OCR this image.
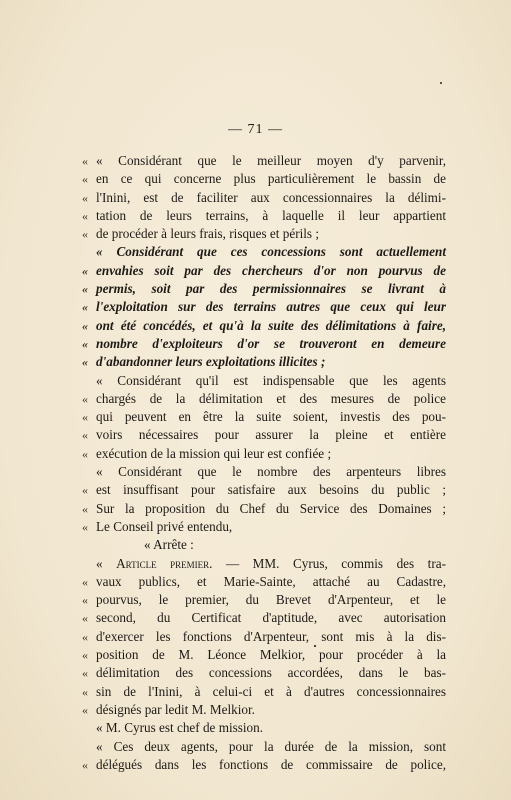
— 71 —
« « Considérant que le meilleur moyen d'y parvenir,
« en ce qui concerne plus particulièrement le bassin de
« l'Inini, est de faciliter aux concessionnaires la délimi-
« tation de leurs terrains, à laquelle il leur appartient
« de procéder à leurs frais, risques et périls ;
« Considérant que ces concessions sont actuellement
« envahies soit par des chercheurs d'or non pourvus de
« permis, soit par des permissionnaires se livrant à
« l'exploitation sur des terrains autres que ceux qui leur
« ont été concédés, et qu'à la suite des délimitations à faire,
« nombre d'exploiteurs d'or se trouveront en demeure
« d'abandonner leurs exploitations illicites ;
« Considérant qu'il est indispensable que les agents
« chargés de la délimitation et des mesures de police
« qui peuvent en être la suite soient, investis des pou-
« voirs nécessaires pour assurer la pleine et entière
« exécution de la mission qui leur est confiée ;
« Considérant que le nombre des arpenteurs libres
« est insuffisant pour satisfaire aux besoins du public ;
« Sur la proposition du Chef du Service des Domaines ;
« Le Conseil privé entendu,
« Arrête :
« Article premier. — MM. Cyrus, commis des tra-
« vaux publics, et Marie-Sainte, attaché au Cadastre,
« pourvus, le premier, du Brevet d'Arpenteur, et le
« second, du Certificat d'aptitude, avec autorisation
« d'exercer les fonctions d'Arpenteur, sont mis à la dis-
« position de M. Léonce Melkior, pour procéder à la
« délimitation des concessions accordées, dans le bas-
« sin de l'Inini, à celui-ci et à d'autres concessionnaires
« désignés par ledit M. Melkior.
« M. Cyrus est chef de mission.
« Ces deux agents, pour la durée de la mission, sont
« délégués dans les fonctions de commissaire de police,
